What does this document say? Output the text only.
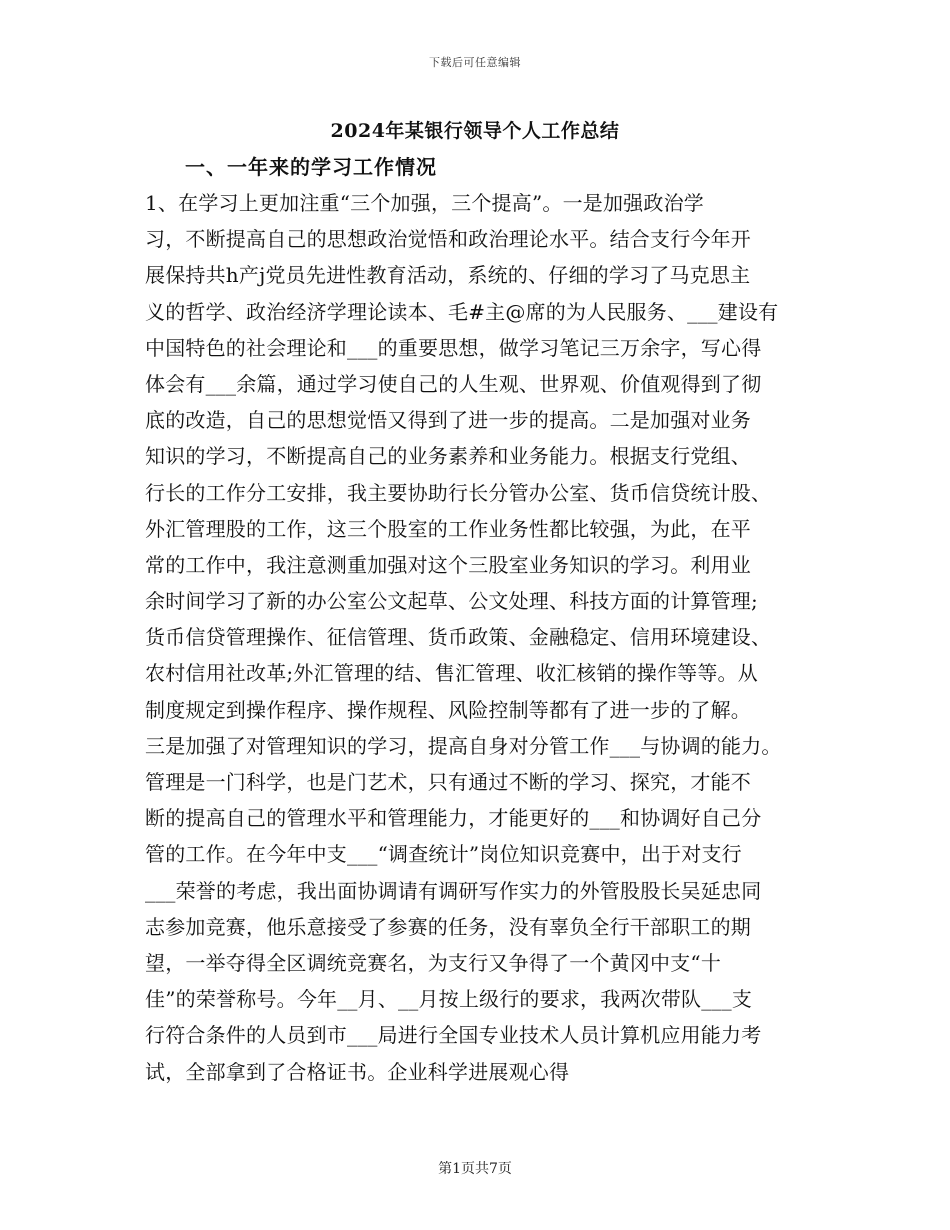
下载后可任意编辑
2024年某银行领导个人工作总结
一、一年来的学习工作情况
1、在学习上更加注重“三个加强，三个提高”。一是加强政治学
习，不断提高自己的思想政治觉悟和政治理论水平。结合支行今年开
展保持共h产j党员先进性教育活动，系统的、仔细的学习了马克思主
义的哲学、政治经济学理论读本、毛#主@席的为人民服务、___建设有
中国特色的社会理论和___的重要思想，做学习笔记三万余字，写心得
体会有___余篇，通过学习使自己的人生观、世界观、价值观得到了彻
底的改造，自己的思想觉悟又得到了进一步的提高。二是加强对业务
知识的学习，不断提高自己的业务素养和业务能力。根据支行党组、
行长的工作分工安排，我主要协助行长分管办公室、货币信贷统计股、
外汇管理股的工作，这三个股室的工作业务性都比较强，为此，在平
常的工作中，我注意测重加强对这个三股室业务知识的学习。利用业
余时间学习了新的办公室公文起草、公文处理、科技方面的计算管理;
货币信贷管理操作、征信管理、货币政策、金融稳定、信用环境建设、
农村信用社改革;外汇管理的结、售汇管理、收汇核销的操作等等。从
制度规定到操作程序、操作规程、风险控制等都有了进一步的了解。
三是加强了对管理知识的学习，提高自身对分管工作___与协调的能力。
管理是一门科学，也是门艺术，只有通过不断的学习、探究，才能不
断的提高自己的管理水平和管理能力，才能更好的___和协调好自己分
管的工作。在今年中支___“调查统计”岗位知识竞赛中，出于对支行
___荣誉的考虑，我出面协调请有调研写作实力的外管股股长吴延忠同
志参加竞赛，他乐意接受了参赛的任务，没有辜负全行干部职工的期
望，一举夺得全区调统竞赛名，为支行又争得了一个黄冈中支“十
佳”的荣誉称号。今年__月、__月按上级行的要求，我两次带队___支
行符合条件的人员到市___局进行全国专业技术人员计算机应用能力考
试，全部拿到了合格证书。企业科学进展观心得
第1页共7页
